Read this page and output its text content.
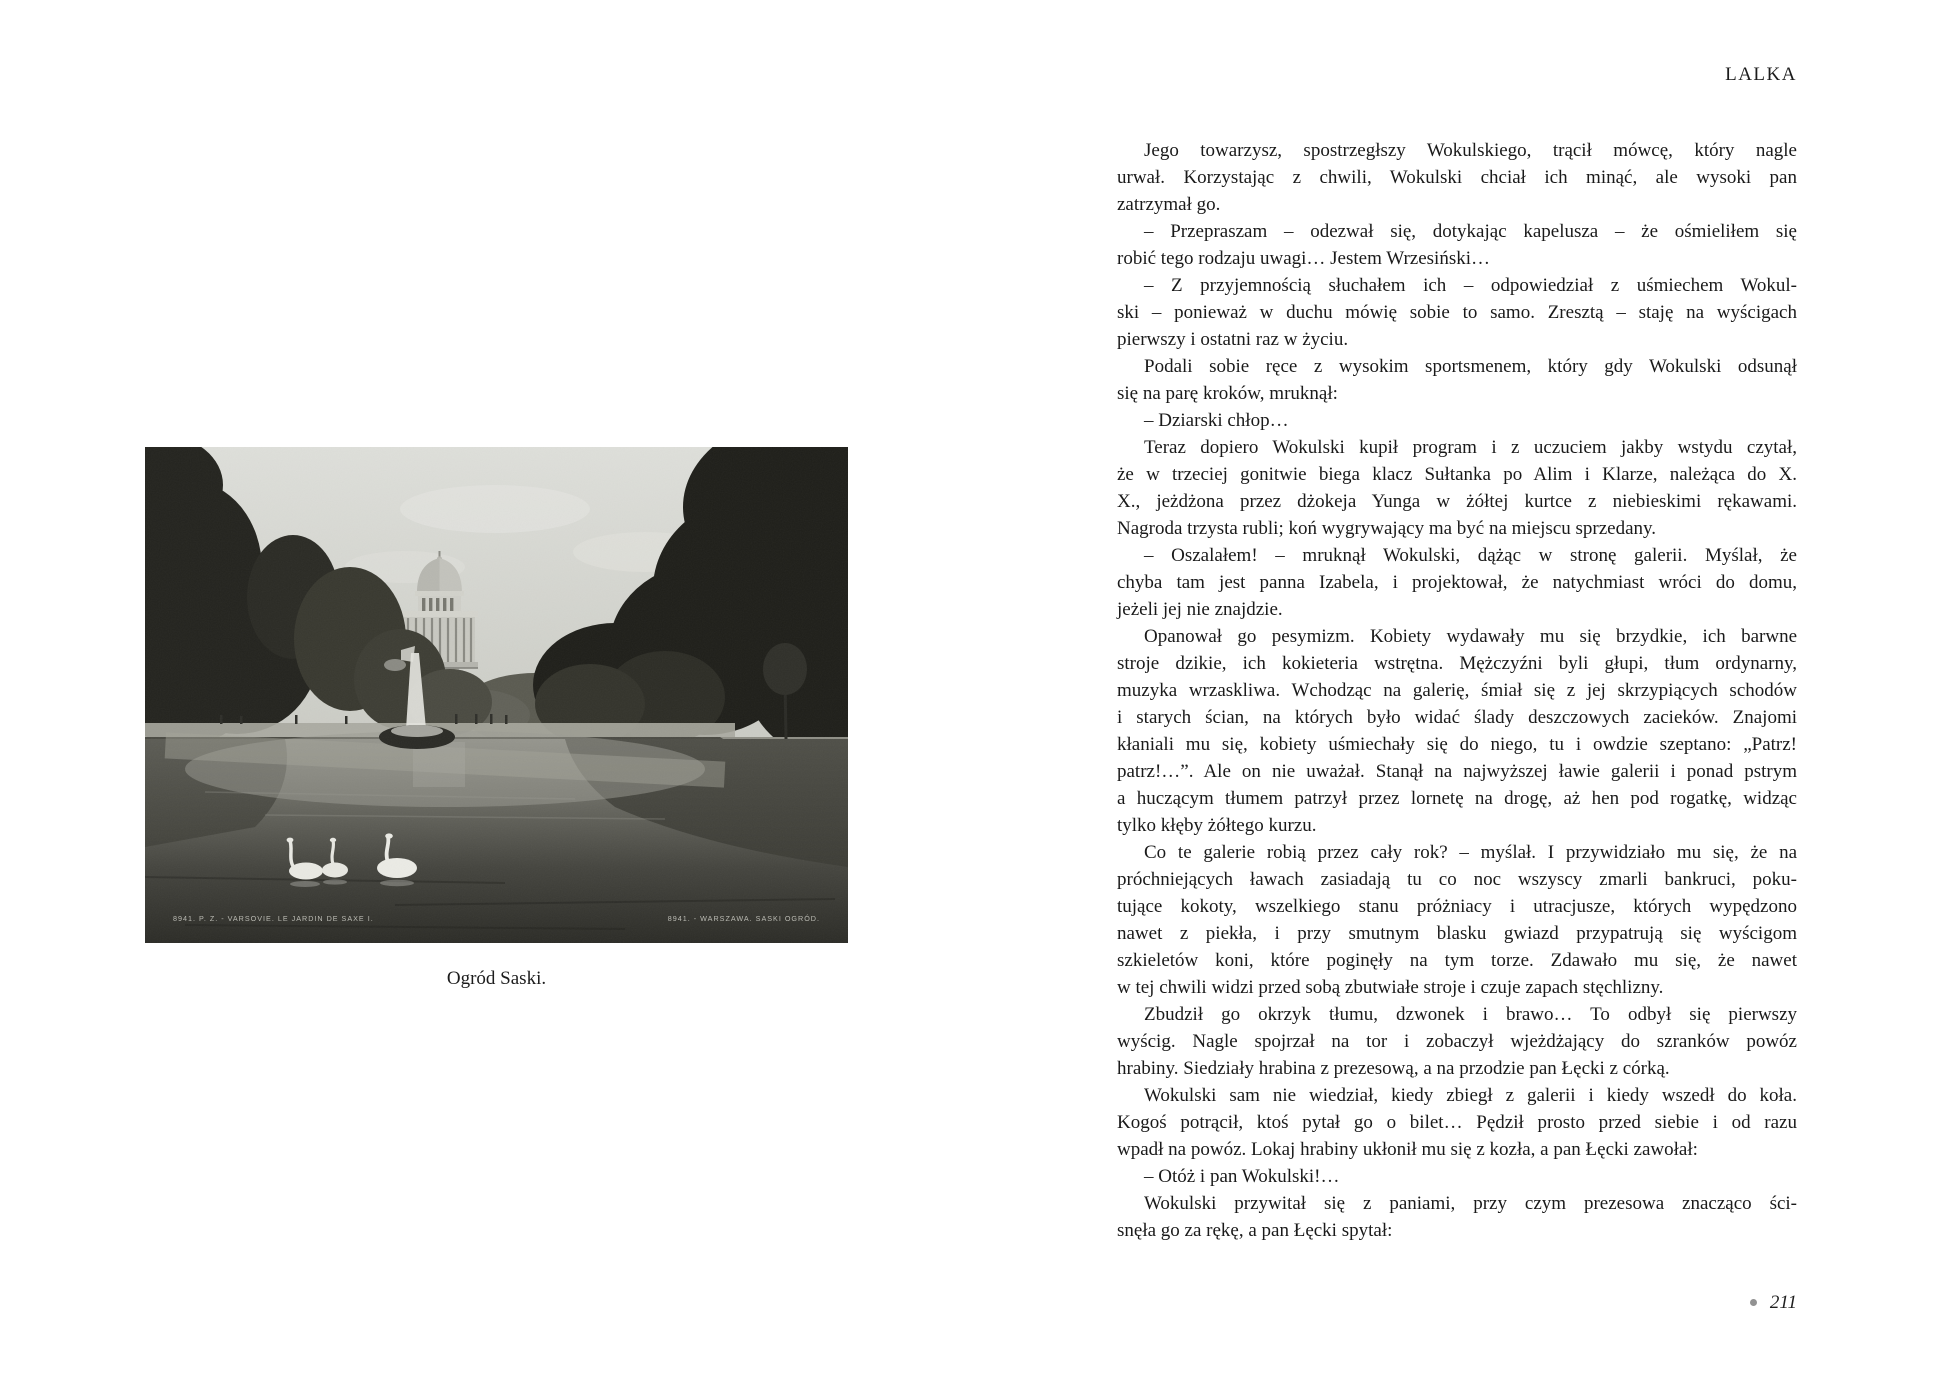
8941. P. Z. - VARSOVIE. LE JARDIN DE SAXE I.	8941. - WARSZAWA. SASKI OGRÓD.
Ogród Saski.
LALKA
Jego towarzysz, spostrzegłszy Wokulskiego, trącił mówcę, który nagle
urwał. Korzystając z chwili, Wokulski chciał ich minąć, ale wysoki pan
zatrzymał go.
– Przepraszam – odezwał się, dotykając kapelusza – że ośmieliłem się
robić tego rodzaju uwagi… Jestem Wrzesiński…
– Z przyjemnością słuchałem ich – odpowiedział z uśmiechem Wokul-
ski – ponieważ w duchu mówię sobie to samo. Zresztą – staję na wyścigach
pierwszy i ostatni raz w życiu.
Podali sobie ręce z wysokim sportsmenem, który gdy Wokulski odsunął
się na parę kroków, mruknął:
– Dziarski chłop…
Teraz dopiero Wokulski kupił program i z uczuciem jakby wstydu czytał,
że w trzeciej gonitwie biega klacz Sułtanka po Alim i Klarze, należąca do X.
X., jeżdżona przez dżokeja Yunga w żółtej kurtce z niebieskimi rękawami.
Nagroda trzysta rubli; koń wygrywający ma być na miejscu sprzedany.
– Oszalałem! – mruknął Wokulski, dążąc w stronę galerii. Myślał, że
chyba tam jest panna Izabela, i projektował, że natychmiast wróci do domu,
jeżeli jej nie znajdzie.
Opanował go pesymizm. Kobiety wydawały mu się brzydkie, ich barwne
stroje dzikie, ich kokieteria wstrętna. Mężczyźni byli głupi, tłum ordynarny,
muzyka wrzaskliwa. Wchodząc na galerię, śmiał się z jej skrzypiących schodów
i starych ścian, na których było widać ślady deszczowych zacieków. Znajomi
kłaniali mu się, kobiety uśmiechały się do niego, tu i owdzie szeptano: „Patrz!
patrz!…”. Ale on nie uważał. Stanął na najwyższej ławie galerii i ponad pstrym
a huczącym tłumem patrzył przez lornetę na drogę, aż hen pod rogatkę, widząc
tylko kłęby żółtego kurzu.
Co te galerie robią przez cały rok? – myślał. I przywidziało mu się, że na
próchniejących ławach zasiadają tu co noc wszyscy zmarli bankruci, poku-
tujące kokoty, wszelkiego stanu próżniacy i utracjusze, których wypędzono
nawet z piekła, i przy smutnym blasku gwiazd przypatrują się wyścigom
szkieletów koni, które poginęły na tym torze. Zdawało mu się, że nawet
w tej chwili widzi przed sobą zbutwiałe stroje i czuje zapach stęchlizny.
Zbudził go okrzyk tłumu, dzwonek i brawo… To odbył się pierwszy
wyścig. Nagle spojrzał na tor i zobaczył wjeżdżający do szranków powóz
hrabiny. Siedziały hrabina z prezesową, a na przodzie pan Łęcki z córką.
Wokulski sam nie wiedział, kiedy zbiegł z galerii i kiedy wszedł do koła.
Kogoś potrącił, ktoś pytał go o bilet… Pędził prosto przed siebie i od razu
wpadł na powóz. Lokaj hrabiny ukłonił mu się z kozła, a pan Łęcki zawołał:
– Otóż i pan Wokulski!…
Wokulski przywitał się z paniami, przy czym prezesowa znacząco ści-
snęła go za rękę, a pan Łęcki spytał:
211
